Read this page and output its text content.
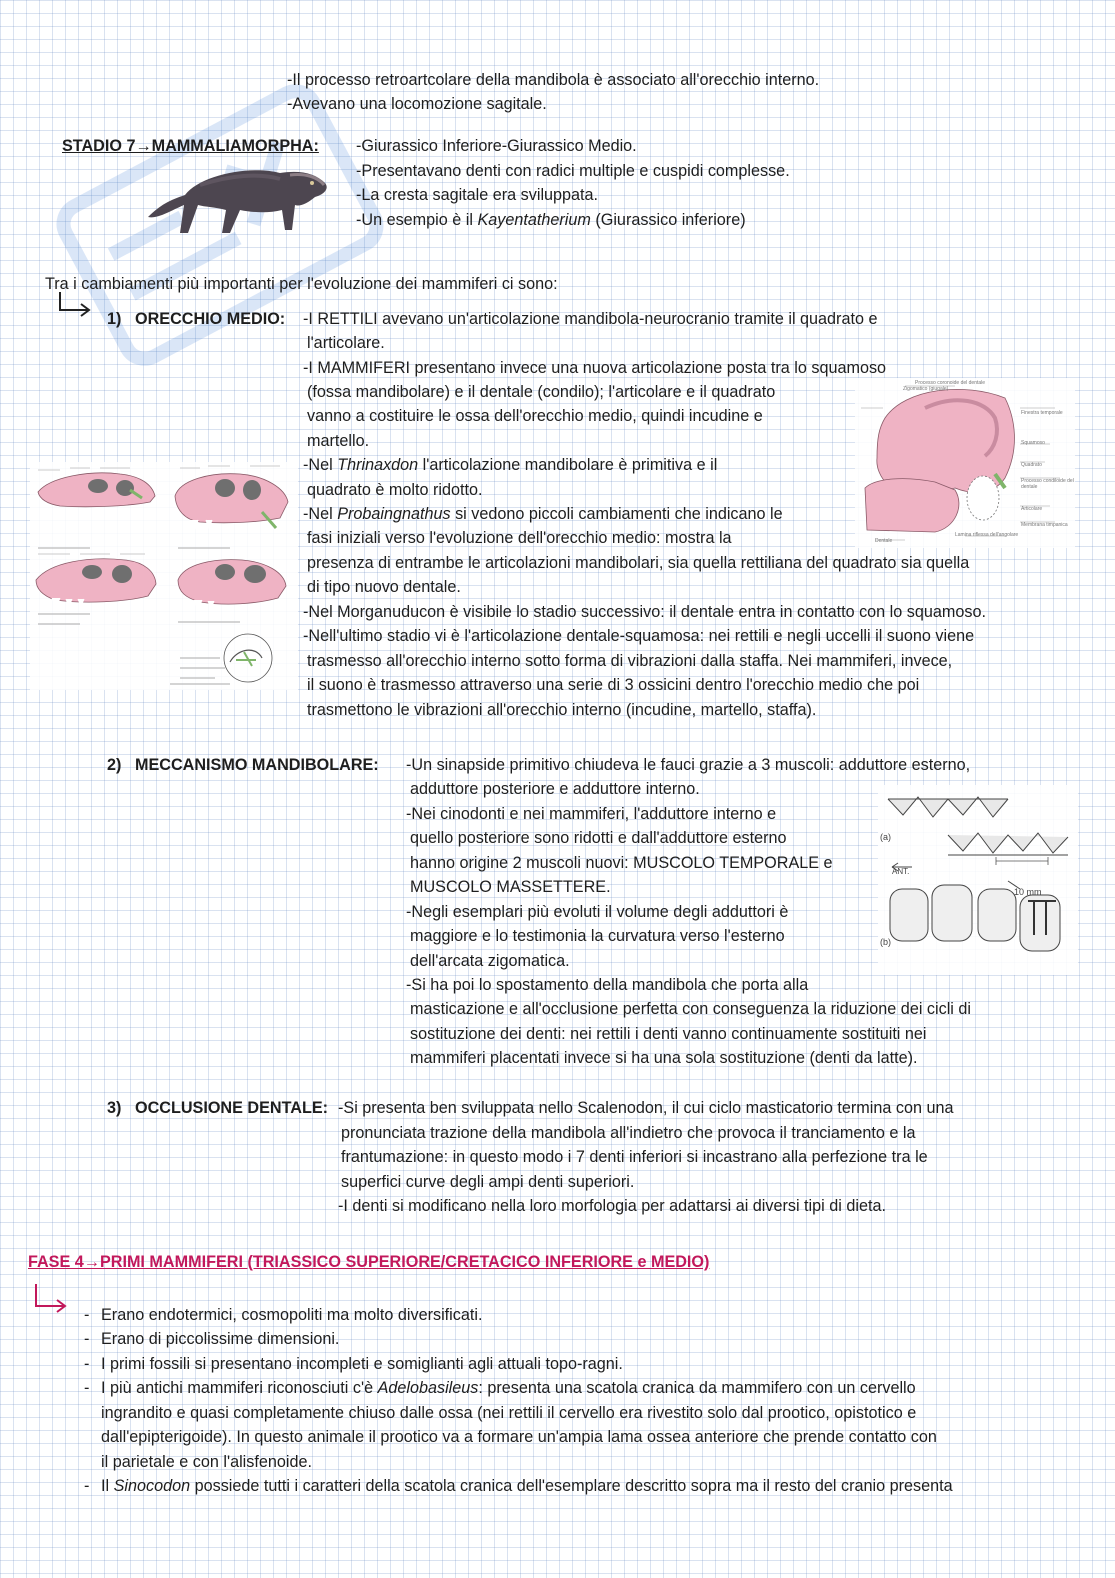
-Il processo retroartcolare della mandibola è associato all'orecchio interno.
-Avevano una locomozione sagitale.
STADIO 7→MAMMALIAMORPHA: -Giurassico Inferiore-Giurassico Medio.
-Presentavano denti con radici multiple e cuspidi complesse.
-La cresta sagitale era sviluppata.
-Un esempio è il Kayentatherium (Giurassico inferiore)
Tra i cambiamenti più importanti per l'evoluzione dei mammiferi ci sono:
1) ORECCHIO MEDIO: -I RETTILI avevano un'articolazione mandibola-neurocranio tramite il quadrato e
l'articolare.
-I MAMMIFERI presentano invece una nuova articolazione posta tra lo squamoso
(fossa mandibolare) e il dentale (condilo); l'articolare e il quadrato
vanno a costituire le ossa dell'orecchio medio, quindi incudine e
martello.
-Nel Thrinaxdon l'articolazione mandibolare è primitiva e il
quadrato è molto ridotto.
-Nel Probaingnathus si vedono piccoli cambiamenti che indicano le
fasi iniziali verso l'evoluzione dell'orecchio medio: mostra la
presenza di entrambe le articolazioni mandibolari, sia quella rettiliana del quadrato sia quella
di tipo nuovo dentale.
-Nel Morganuducon è visibile lo stadio successivo: il dentale entra in contatto con lo squamoso.
-Nell'ultimo stadio vi è l'articolazione dentale-squamosa: nei rettili e negli uccelli il suono viene
trasmesso all'orecchio interno sotto forma di vibrazioni dalla staffa. Nei mammiferi, invece,
il suono è trasmesso attraverso una serie di 3 ossicini dentro l'orecchio medio che poi
trasmettono le vibrazioni all'orecchio interno (incudine, martello, staffa).
2) MECCANISMO MANDIBOLARE: -Un sinapside primitivo chiudeva le fauci grazie a 3 muscoli: adduttore esterno,
adduttore posteriore e adduttore interno.
-Nei cinodonti e nei mammiferi, l'adduttore interno e
quello posteriore sono ridotti e dall'adduttore esterno
hanno origine 2 muscoli nuovi: MUSCOLO TEMPORALE e
MUSCOLO MASSETTERE.
-Negli esemplari più evoluti il volume degli adduttori è
maggiore e lo testimonia la curvatura verso l'esterno
dell'arcata zigomatica.
-Si ha poi lo spostamento della mandibola che porta alla
masticazione e all'occlusione perfetta con conseguenza la riduzione dei cicli di
sostituzione dei denti: nei rettili i denti vanno continuamente sostituiti nei
mammiferi placentati invece si ha una sola sostituzione (denti da latte).
(a)
ANT.
10 mm
(b)
3) OCCLUSIONE DENTALE: -Si presenta ben sviluppata nello Scalenodon, il cui ciclo masticatorio termina con una
pronunciata trazione della mandibola all'indietro che provoca il tranciamento e la
frantumazione: in questo modo i 7 denti inferiori si incastrano alla perfezione tra le
superfici curve degli ampi denti superiori.
-I denti si modificano nella loro morfologia per adattarsi ai diversi tipi di dieta.
FASE 4→PRIMI MAMMIFERI (TRIASSICO SUPERIORE/CRETACICO INFERIORE e MEDIO)
- Erano endotermici, cosmopoliti ma molto diversificati.
- Erano di piccolissime dimensioni.
- I primi fossili si presentano incompleti e somiglianti agli attuali topo-ragni.
- I più antichi mammiferi riconosciuti c'è Adelobasileus: presenta una scatola cranica da mammifero con un cervello
ingrandito e quasi completamente chiuso dalle ossa (nei rettili il cervello era rivestito solo dal prootico, opistotico e
dall'epipterigoide). In questo animale il prootico va a formare un'ampia lama ossea anteriore che prende contatto con
il parietale e con l'alisfenoide.
- Il Sinocodon possiede tutti i caratteri della scatola cranica dell'esemplare descritto sopra ma il resto del cranio presenta
Zigomatico (giugale)
Processo coronoide del dentale
Finestra temporale
Squamoso
Quadrato
Processo condiloide del dentale
Articolare
Membrana timpanica
Lamina riflessa dell'angolare
Dentale
